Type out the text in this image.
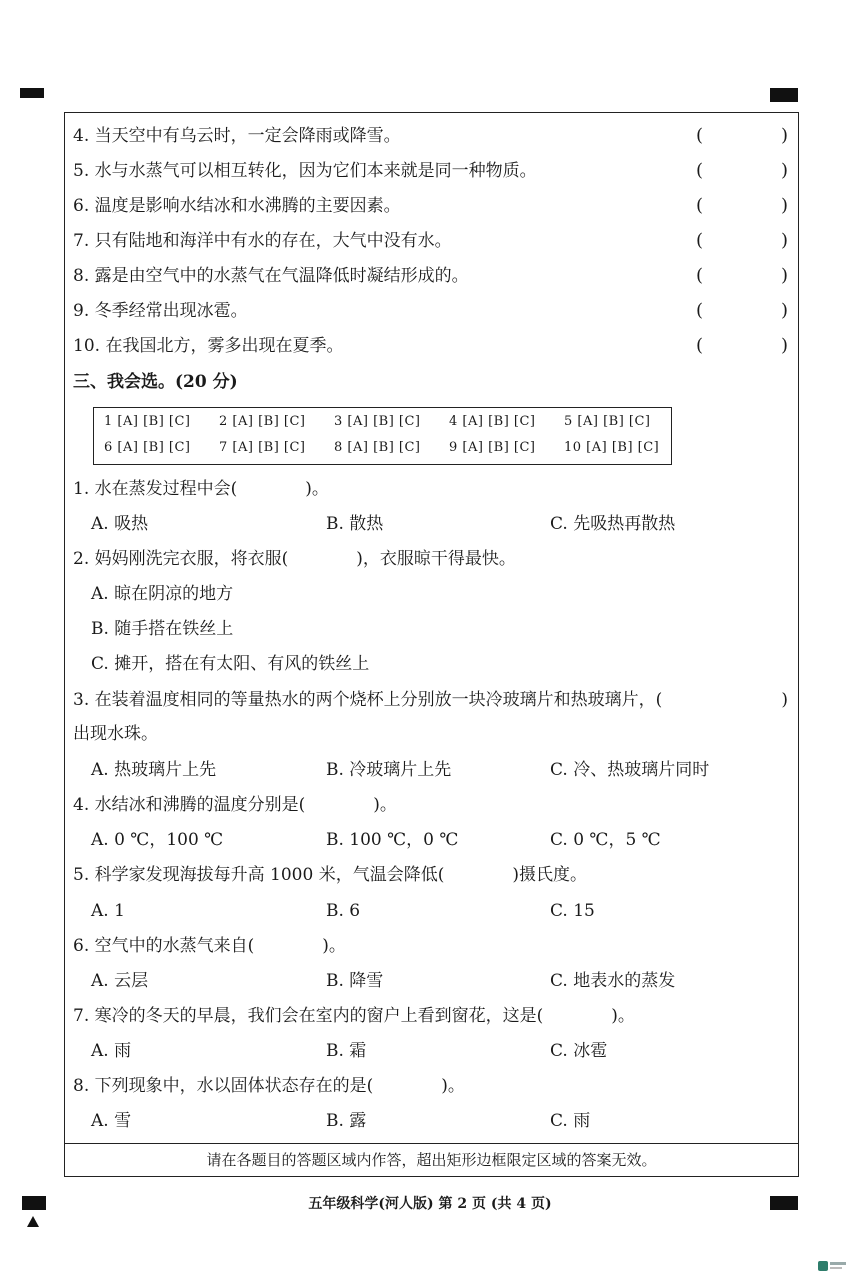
4. 当天空中有乌云时，一定会降雨或降雪。	(	)
5. 水与水蒸气可以相互转化，因为它们本来就是同一种物质。	(	)
6. 温度是影响水结冰和水沸腾的主要因素。	(	)
7. 只有陆地和海洋中有水的存在，大气中没有水。	(	)
8. 露是由空气中的水蒸气在气温降低时凝结形成的。	(	)
9. 冬季经常出现冰雹。	(	)
10. 在我国北方，雾多出现在夏季。	(	)
三、我会选。(20 分)
1 [A] [B] [C]	2 [A] [B] [C]	3 [A] [B] [C]	4 [A] [B] [C]	5 [A] [B] [C]
6 [A] [B] [C]	7 [A] [B] [C]	8 [A] [B] [C]	9 [A] [B] [C]	10 [A] [B] [C]
1. 水在蒸发过程中会(　　　　)。
A. 吸热	B. 散热	C. 先吸热再散热
2. 妈妈刚洗完衣服，将衣服(　　　　)，衣服晾干得最快。
A. 晾在阴凉的地方
B. 随手搭在铁丝上
C. 摊开，搭在有太阳、有风的铁丝上
3. 在装着温度相同的等量热水的两个烧杯上分别放一块冷玻璃片和热玻璃片，(	)
出现水珠。
A. 热玻璃片上先	B. 冷玻璃片上先	C. 冷、热玻璃片同时
4. 水结冰和沸腾的温度分别是(　　　　)。
A. 0 ℃，100 ℃	B. 100 ℃，0 ℃	C. 0 ℃，5 ℃
5. 科学家发现海拔每升高 1000 米，气温会降低(　　　　)摄氏度。
A. 1	B. 6	C. 15
6. 空气中的水蒸气来自(　　　　)。
A. 云层	B. 降雪	C. 地表水的蒸发
7. 寒冷的冬天的早晨，我们会在室内的窗户上看到窗花，这是(　　　　)。
A. 雨	B. 霜	C. 冰雹
8. 下列现象中，水以固体状态存在的是(　　　　)。
A. 雪	B. 露	C. 雨
请在各题目的答题区域内作答，超出矩形边框限定区域的答案无效。
五年级科学(河人版) 第 2 页 (共 4 页)
